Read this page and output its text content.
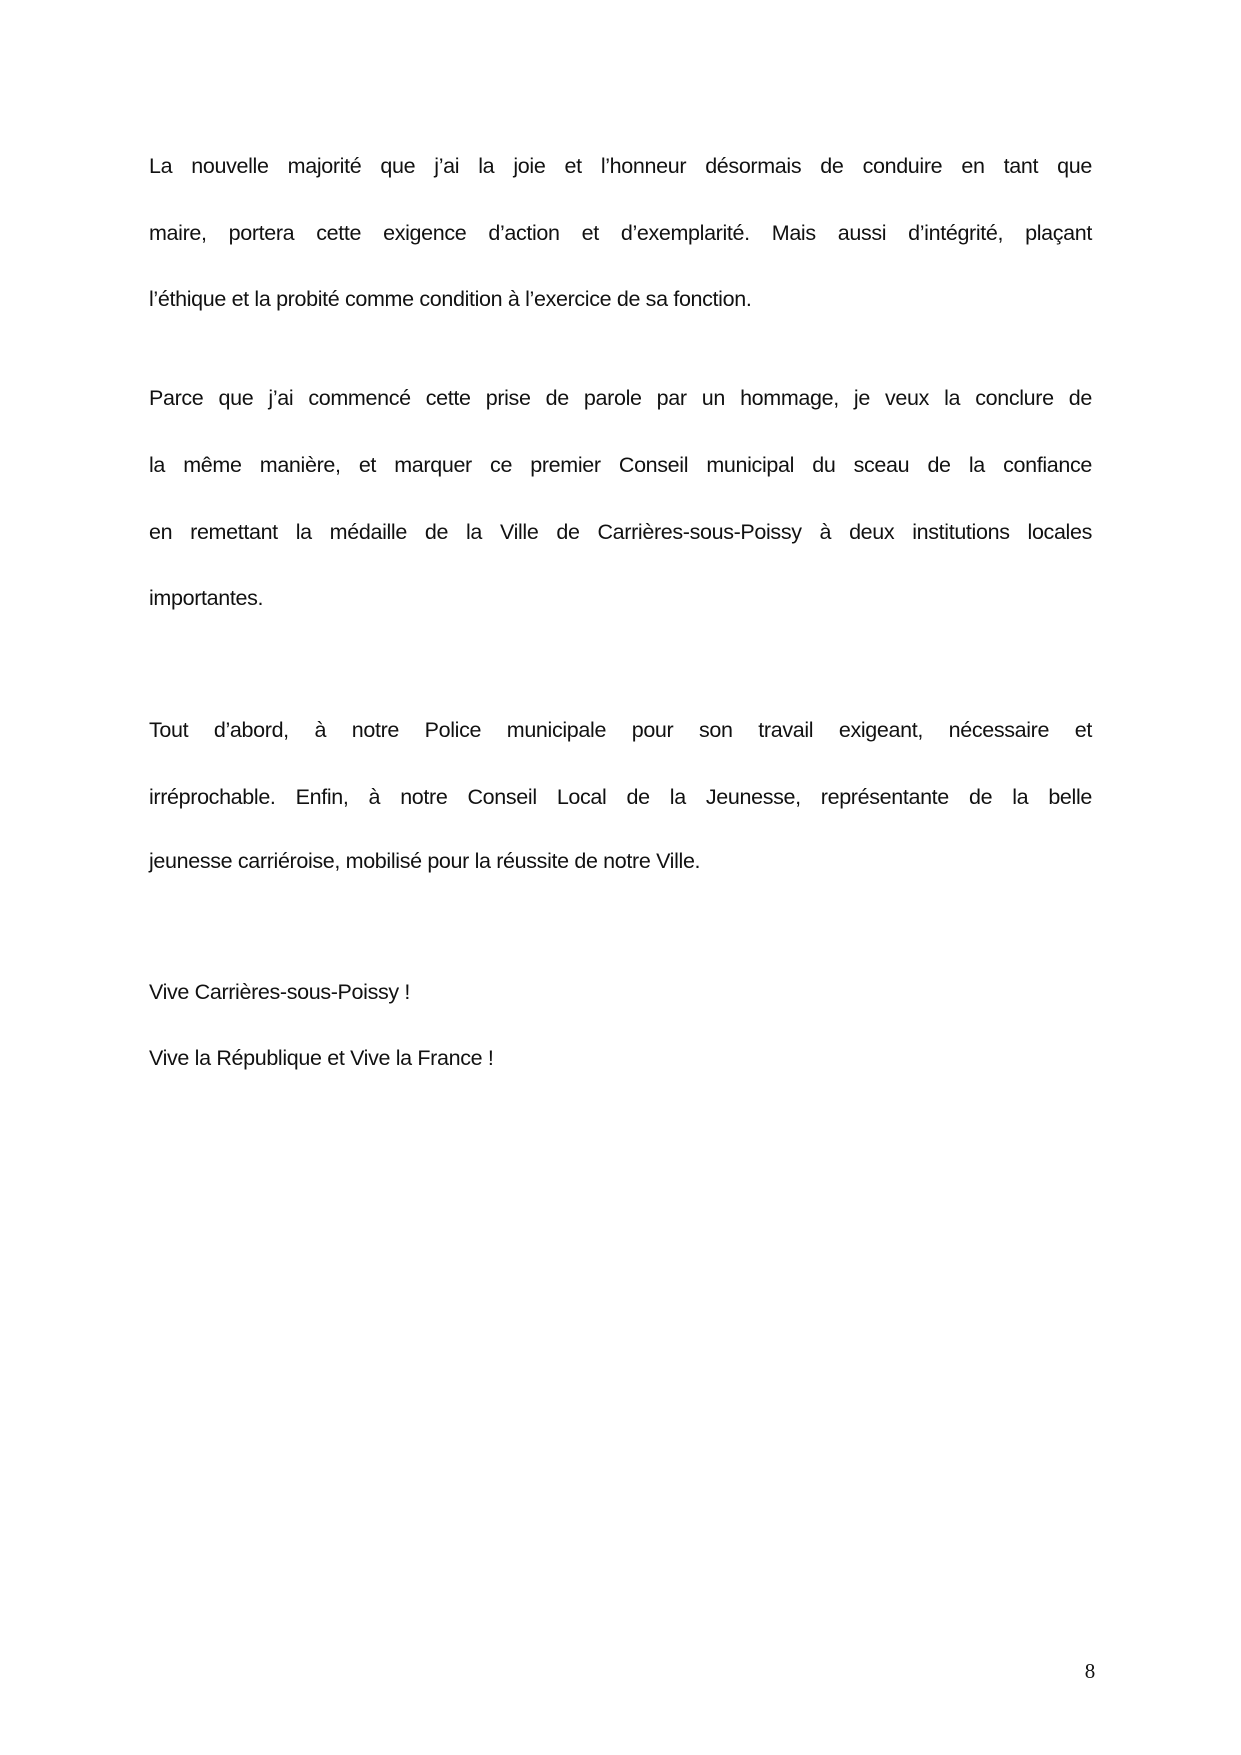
La nouvelle majorité que j’ai la joie et l’honneur désormais de conduire en tant que
maire, portera cette exigence d’action et d’exemplarité. Mais aussi d’intégrité, plaçant
l’éthique et la probité comme condition à l’exercice de sa fonction.
Parce que j’ai commencé cette prise de parole par un hommage, je veux la conclure de
la même manière, et marquer ce premier Conseil municipal du sceau de la confiance
en remettant la médaille de la Ville de Carrières-sous-Poissy à deux institutions locales
importantes.
Tout d’abord, à notre Police municipale pour son travail exigeant, nécessaire et
irréprochable. Enfin, à notre Conseil Local de la Jeunesse, représentante de la belle
jeunesse carriéroise, mobilisé pour la réussite de notre Ville.
Vive Carrières-sous-Poissy !
Vive la République et Vive la France !
8
